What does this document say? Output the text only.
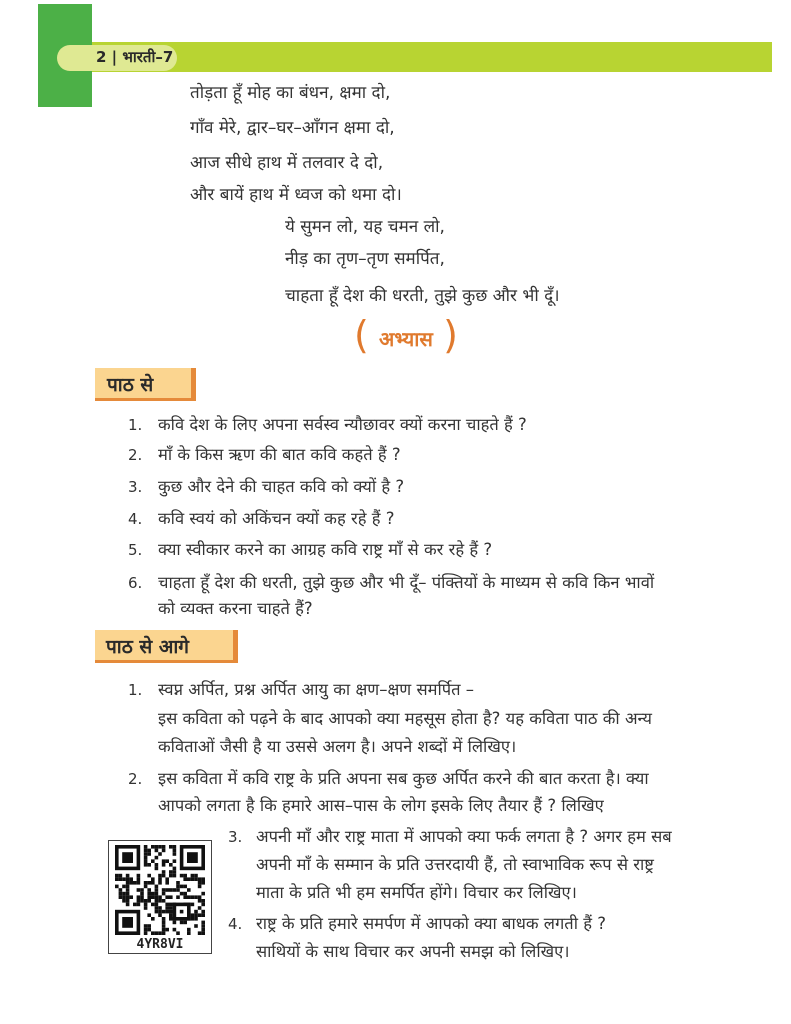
2 | भारती–7
तोड़ता हूँ मोह का बंधन, क्षमा दो,
गाँव मेरे, द्वार–घर–आँगन क्षमा दो,
आज सीधे हाथ में तलवार दे दो,
और बायें हाथ में ध्वज को थमा दो।
ये सुमन लो, यह चमन लो,
नीड़ का तृण–तृण समर्पित,
चाहता हूँ देश की धरती, तुझे कुछ और भी दूँ।
( अभ्यास )
पाठ से
1. कवि देश के लिए अपना सर्वस्व न्यौछावर क्यों करना चाहते हैं ?
2. माँ के किस ऋण की बात कवि कहते हैं ?
3. कुछ और देने की चाहत कवि को क्यों है ?
4. कवि स्वयं को अकिंचन क्यों कह रहे हैं ?
5. क्या स्वीकार करने का आग्रह कवि राष्ट्र माँ से कर रहे हैं ?
6. चाहता हूँ देश की धरती, तुझे कुछ और भी दूँ– पंक्तियों के माध्यम से कवि किन भावों
को व्यक्त करना चाहते हैं?
पाठ से आगे
1. स्वप्न अर्पित, प्रश्न अर्पित आयु का क्षण–क्षण समर्पित –
इस कविता को पढ़ने के बाद आपको क्या महसूस होता है? यह कविता पाठ की अन्य
कविताओं जैसी है या उससे अलग है। अपने शब्दों में लिखिए।
2. इस कविता में कवि राष्ट्र के प्रति अपना सब कुछ अर्पित करने की बात करता है। क्या
आपको लगता है कि हमारे आस–पास के लोग इसके लिए तैयार हैं ? लिखिए
3. अपनी माँ और राष्ट्र माता में आपको क्या फर्क लगता है ? अगर हम सब
अपनी माँ के सम्मान के प्रति उत्तरदायी हैं, तो स्वाभाविक रूप से राष्ट्र
माता के प्रति भी हम समर्पित होंगे। विचार कर लिखिए।
4. राष्ट्र के प्रति हमारे समर्पण में आपको क्या बाधक लगती हैं ?
साथियों के साथ विचार कर अपनी समझ को लिखिए।
4YR8VI
